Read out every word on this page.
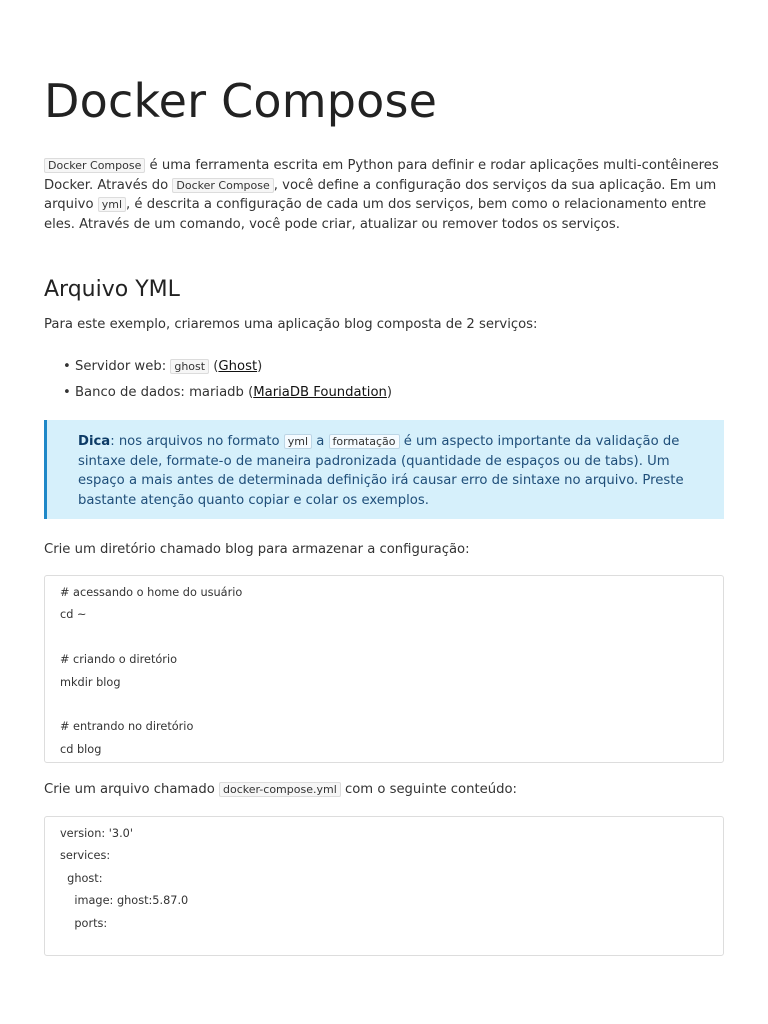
Docker Compose

Docker Compose é uma ferramenta escrita em Python para definir e rodar aplicações multi-contêineres Docker. Através do Docker Compose , você define a configuração dos serviços da sua aplicação. Em um arquivo yml , é descrita a configuração de cada um dos serviços, bem como o relacionamento entre eles. Através de um comando, você pode criar, atualizar ou remover todos os serviços.

Arquivo YML

Para este exemplo, criaremos uma aplicação blog composta de 2 serviços:

• Servidor web: ghost (Ghost)
• Banco de dados: mariadb (MariaDB Foundation)
Dica: nos arquivos no formato yml a formatação é um aspecto importante da validação de sintaxe dele, formate-o de maneira padronizada (quantidade de espaços ou de tabs). Um espaço a mais antes de determinada definição irá causar erro de sintaxe no arquivo. Preste bastante atenção quanto copiar e colar os exemplos.

Crie um diretório chamado blog para armazenar a configuração:

# acessando o home do usuário
cd ~
# criando o diretório
mkdir blog
# entrando no diretório
cd blog

Crie um arquivo chamado docker-compose.yml com o seguinte conteúdo:

version: '3.0'
services:
ghost:
image: ghost:5.87.0
ports:
